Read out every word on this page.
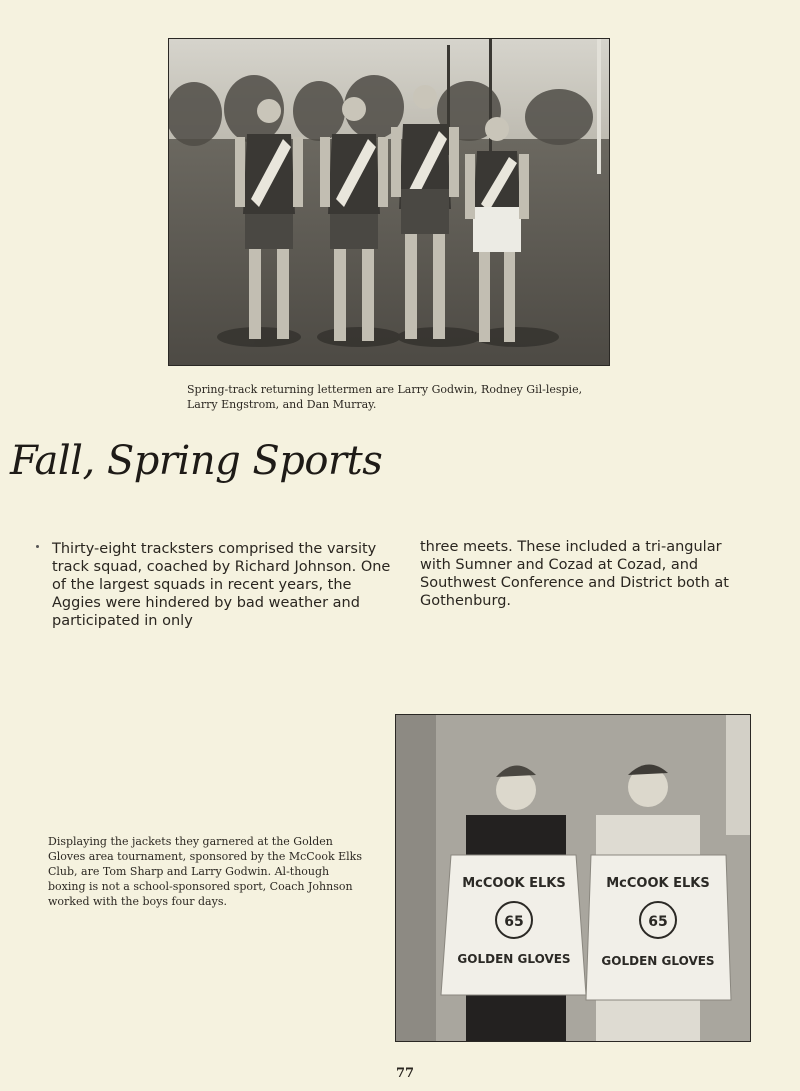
Spring-track returning lettermen are Larry Godwin, Rodney Gil-lespie, Larry Engstrom, and Dan Murray.

Fall, Spring Sports

Thirty-eight tracksters comprised the varsity track squad, coached by Richard Johnson. One of the largest squads in recent years, the Aggies were hindered by bad weather and participated in only

three meets. These included a tri-angular with Sumner and Cozad at Cozad, and Southwest Conference and District both at Gothenburg.

Displaying the jackets they garnered at the Golden Gloves area tournament, sponsored by the McCook Elks Club, are Tom Sharp and Larry Godwin. Al-though boxing is not a school-sponsored sport, Coach Johnson worked with the boys four days.

McCOOK ELKS
65
GOLDEN GLOVES
McCOOK ELKS
65
GOLDEN GLOVES

77
